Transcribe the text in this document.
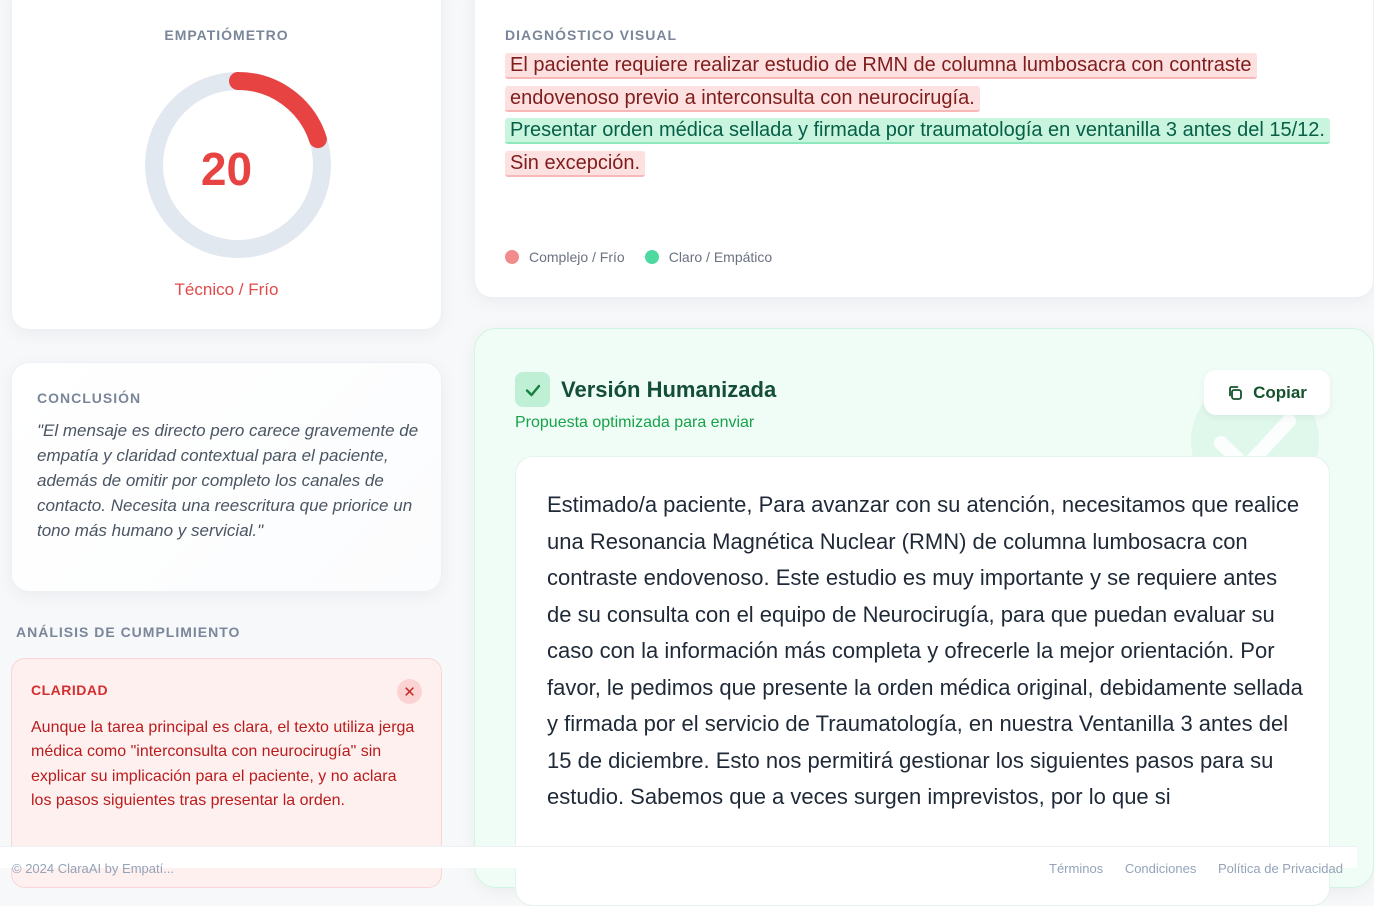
EMPATIÓMETRO
20
Técnico / Frío
DIAGNÓSTICO VISUAL
El paciente requiere realizar estudio de RMN de columna lumbosacra con contraste endovenoso previo a interconsulta con neurocirugía.
Presentar orden médica sellada y firmada por traumatología en ventanilla 3 antes del 15/12.
Sin excepción.
Complejo / Frío	Claro / Empático
CONCLUSIÓN
"El mensaje es directo pero carece gravemente de empatía y claridad contextual para el paciente, además de omitir por completo los canales de contacto. Necesita una reescritura que priorice un tono más humano y servicial."
ANÁLISIS DE CUMPLIMIENTO
CLARIDAD	✕
Aunque la tarea principal es clara, el texto utiliza jerga médica como "interconsulta con neurocirugía" sin explicar su implicación para el paciente, y no aclara los pasos siguientes tras presentar la orden.
Versión Humanizada
Propuesta optimizada para enviar
Copiar
Estimado/a paciente, Para avanzar con su atención, necesitamos que realice una Resonancia Magnética Nuclear (RMN) de columna lumbosacra con contraste endovenoso. Este estudio es muy importante y se requiere antes de su consulta con el equipo de Neurocirugía, para que puedan evaluar su caso con la información más completa y ofrecerle la mejor orientación. Por favor, le pedimos que presente la orden médica original, debidamente sellada y firmada por el servicio de Traumatología, en nuestra Ventanilla 3 antes del 15 de diciembre. Esto nos permitirá gestionar los siguientes pasos para su estudio. Sabemos que a veces surgen imprevistos, por lo que si
© 2024 ClaraAI by Empatí...	Términos Condiciones Política de Privacidad
